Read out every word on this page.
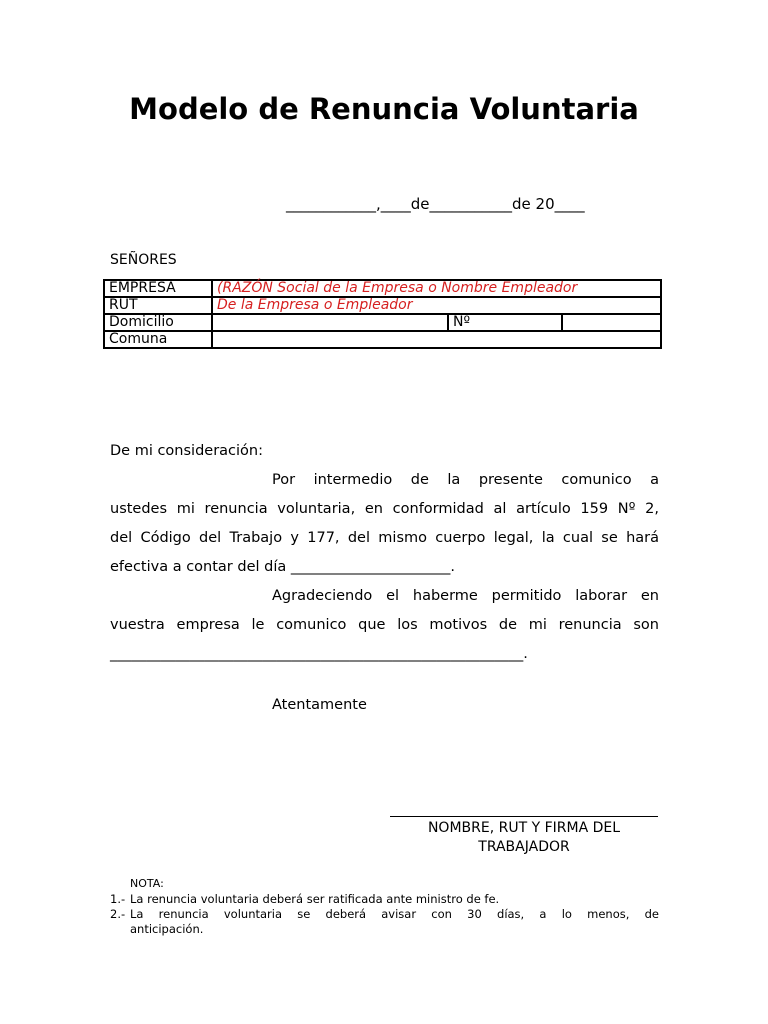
Modelo de Renuncia Voluntaria
____________,____de___________de 20____
SEÑORES
EMPRESA	(RAZÓN Social de la Empresa o Nombre Empleador		
RUT	De la Empresa o Empleador		
Domicilio		Nº	
Comuna			
De mi consideración:
Por intermedio de la presente comunico a
ustedes mi renuncia voluntaria, en conformidad al artículo 159 Nº 2,
del Código del Trabajo y 177, del mismo cuerpo legal, la cual se hará
efectiva a contar del día ______________________.
Agradeciendo el haberme permitido laborar en
vuestra empresa le comunico que los motivos de mi renuncia son
_________________________________________________________.
Atentamente
NOMBRE, RUT Y FIRMA DEL
TRABAJADOR
NOTA:
1.- La renuncia voluntaria deberá ser ratificada ante ministro de fe.
2.- La renuncia voluntaria se deberá avisar con 30 días, a lo menos, de
anticipación.
